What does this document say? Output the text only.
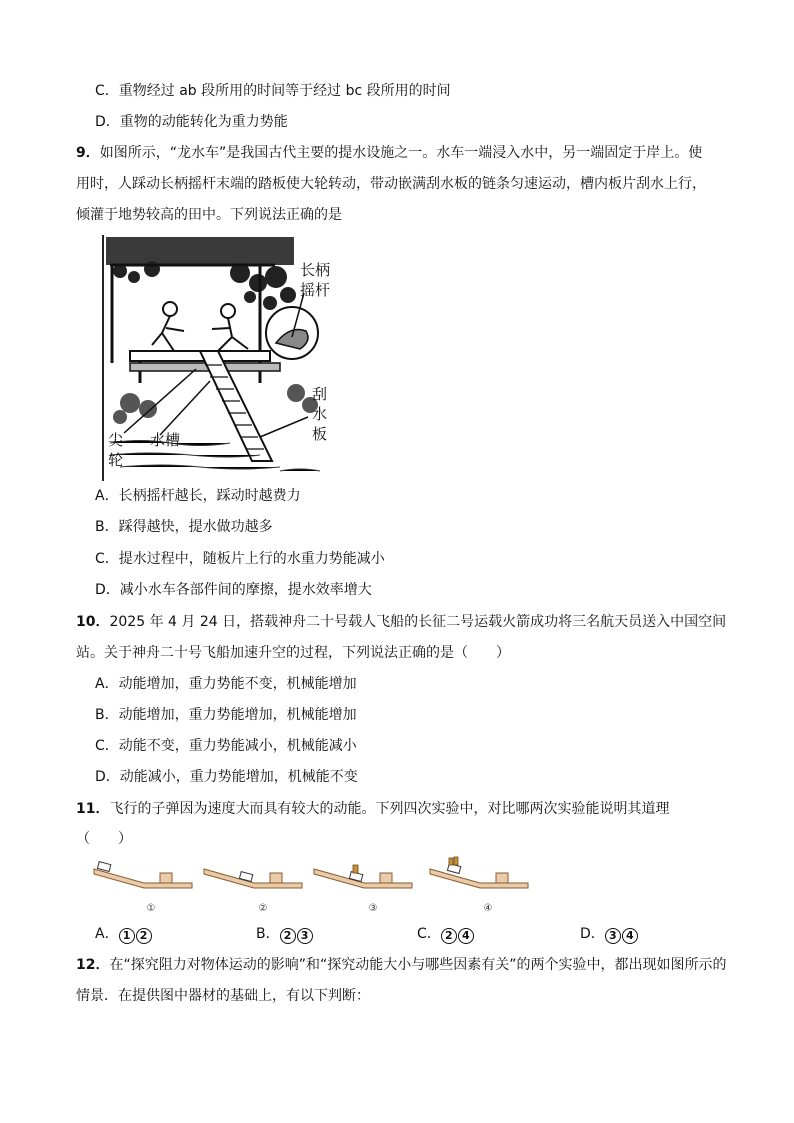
C．重物经过 ab 段所用的时间等于经过 bc 段所用的时间
D．重物的动能转化为重力势能
9．如图所示，“龙水车”是我国古代主要的提水设施之一。水车一端浸入水中，另一端固定于岸上。使
用时，人踩动长柄摇杆末端的踏板使大轮转动，带动嵌满刮水板的链条匀速运动，槽内板片刮水上行，
倾灌于地势较高的田中。下列说法正确的是
长柄
摇杆
刮
水
板
水槽
尖
轮
A．长柄摇杆越长，踩动时越费力
B．踩得越快，提水做功越多
C．提水过程中，随板片上行的水重力势能减小
D．减小水车各部件间的摩擦，提水效率增大
10．2025 年 4 月 24 日，搭载神舟二十号载人飞船的长征二号运载火箭成功将三名航天员送入中国空间
站。关于神舟二十号飞船加速升空的过程，下列说法正确的是（　　）
A．动能增加，重力势能不变，机械能增加
B．动能增加，重力势能增加，机械能增加
C．动能不变，重力势能减小，机械能减小
D．动能减小，重力势能增加，机械能不变
11．飞行的子弹因为速度大而具有较大的动能。下列四次实验中，对比哪两次实验能说明其道理
（　　）
①	②	③	④
A． 1 2	B． 2 3	C． 2 4	D． 3 4
12．在“探究阻力对物体运动的影响”和“探究动能大小与哪些因素有关”的两个实验中，都出现如图所示的
情景．在提供图中器材的基础上，有以下判断：
